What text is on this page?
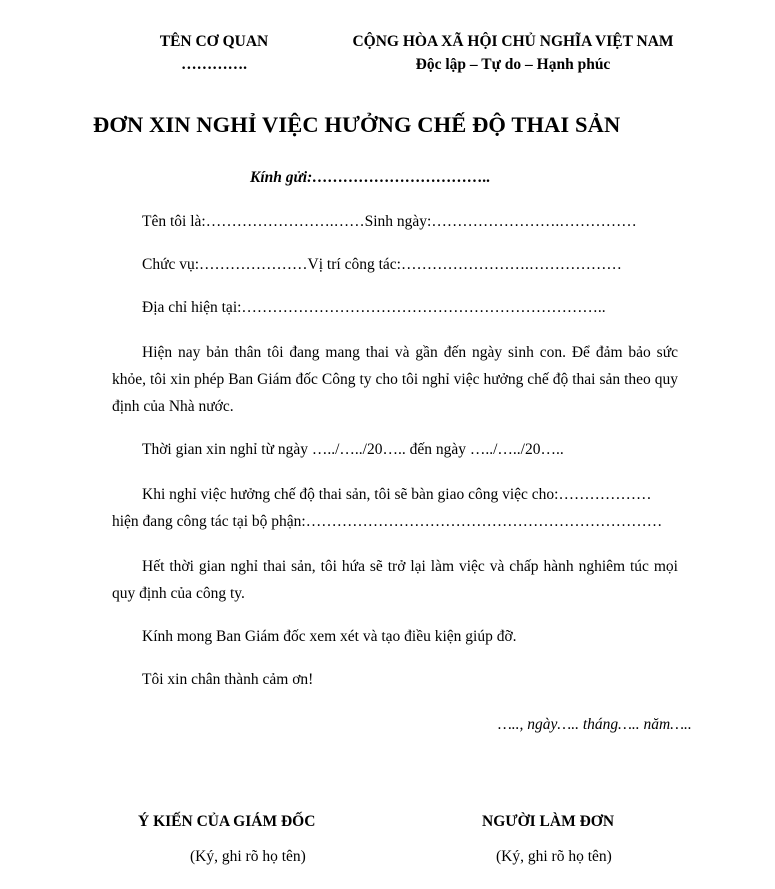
TÊN CƠ QUAN
………….
CỘNG HÒA XÃ HỘI CHỦ NGHĨA VIỆT NAM
Độc lập – Tự do – Hạnh phúc
ĐƠN XIN NGHỈ VIỆC HƯỞNG CHẾ ĐỘ THAI SẢN
Kính gửi:……………………………..
Tên tôi là:…………………….……Sinh ngày:…………………….……………
Chức vụ:…………………Vị trí công tác:…………………….………………
Địa chỉ hiện tại:……………………………………………………………..
Hiện nay bản thân tôi đang mang thai và gần đến ngày sinh con. Để đảm bảo sức khỏe, tôi xin phép Ban Giám đốc Công ty cho tôi nghỉ việc hưởng chế độ thai sản theo quy định của Nhà nước.
Thời gian xin nghỉ từ ngày …../…../20….. đến ngày …../…../20…..
Khi nghỉ việc hưởng chế độ thai sản, tôi sẽ bàn giao công việc cho:………………
hiện đang công tác tại bộ phận:……………………………………………………………
Hết thời gian nghỉ thai sản, tôi hứa sẽ trở lại làm việc và chấp hành nghiêm túc mọi quy định của công ty.
Kính mong Ban Giám đốc xem xét và tạo điều kiện giúp đỡ.
Tôi xin chân thành cảm ơn!
….., ngày….. tháng….. năm…..
Ý KIẾN CỦA GIÁM ĐỐC
(Ký, ghi rõ họ tên)
NGƯỜI LÀM ĐƠN
(Ký, ghi rõ họ tên)
